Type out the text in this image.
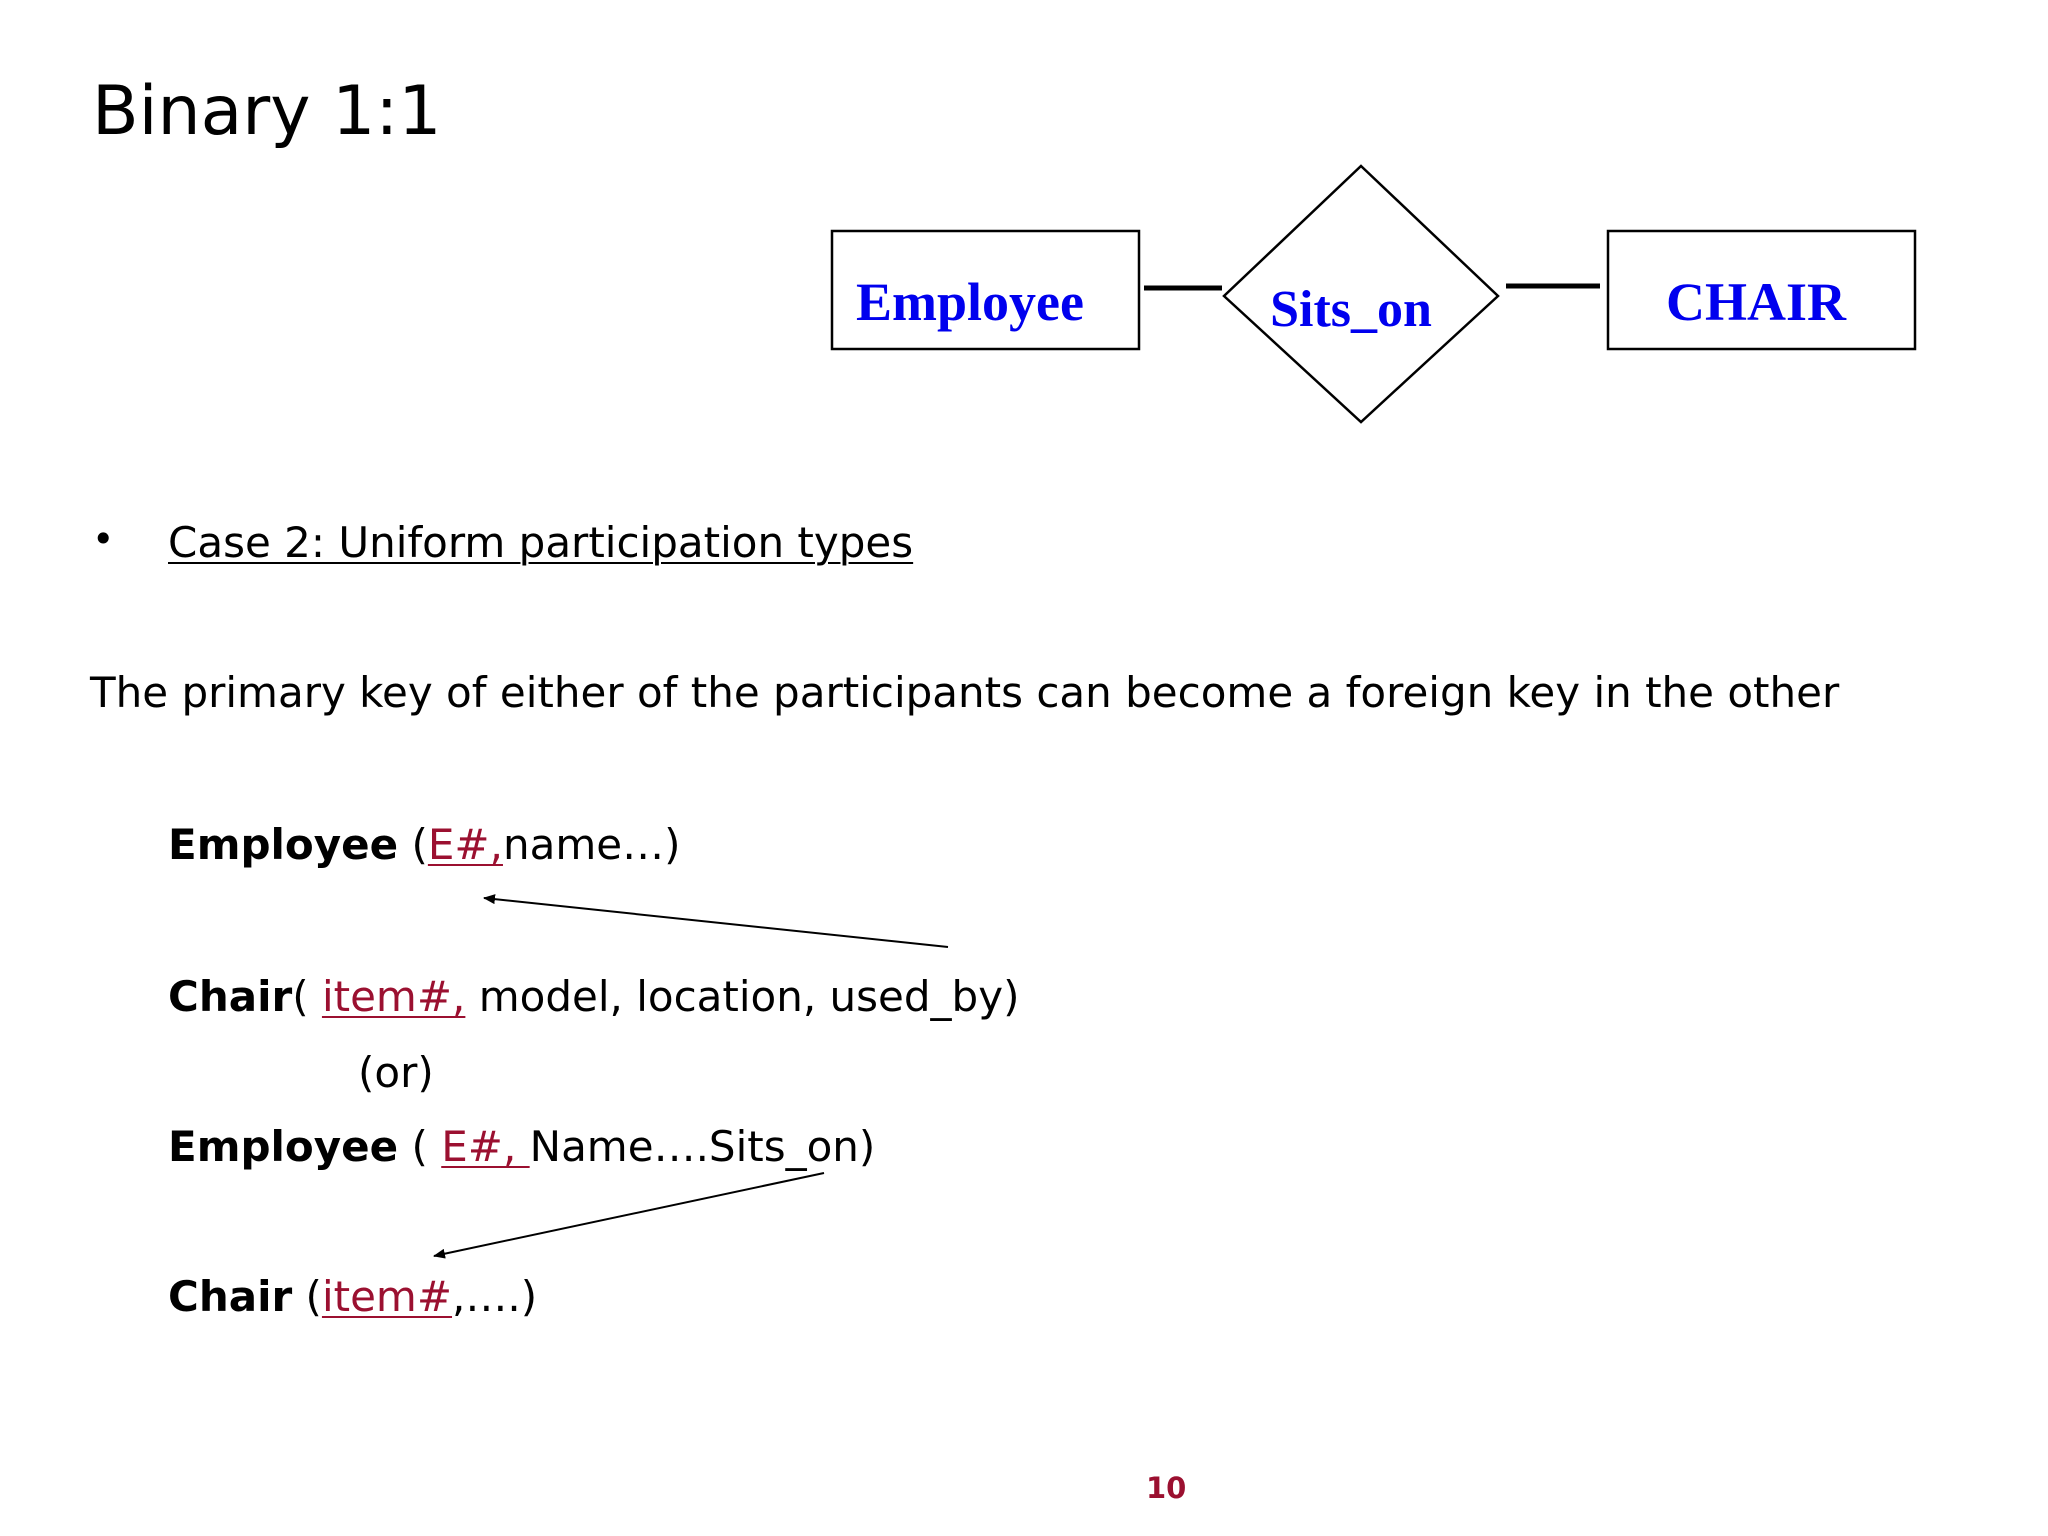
Binary 1:1
Employee	Sits_on	CHAIR
• Case 2: Uniform participation types
The primary key of either of the participants can become a foreign key in the other
Employee (E#,name…)
Chair( item#, model, location, used_by)
(or)
Employee ( E#, Name….Sits_on)
Chair (item#,….)
10
